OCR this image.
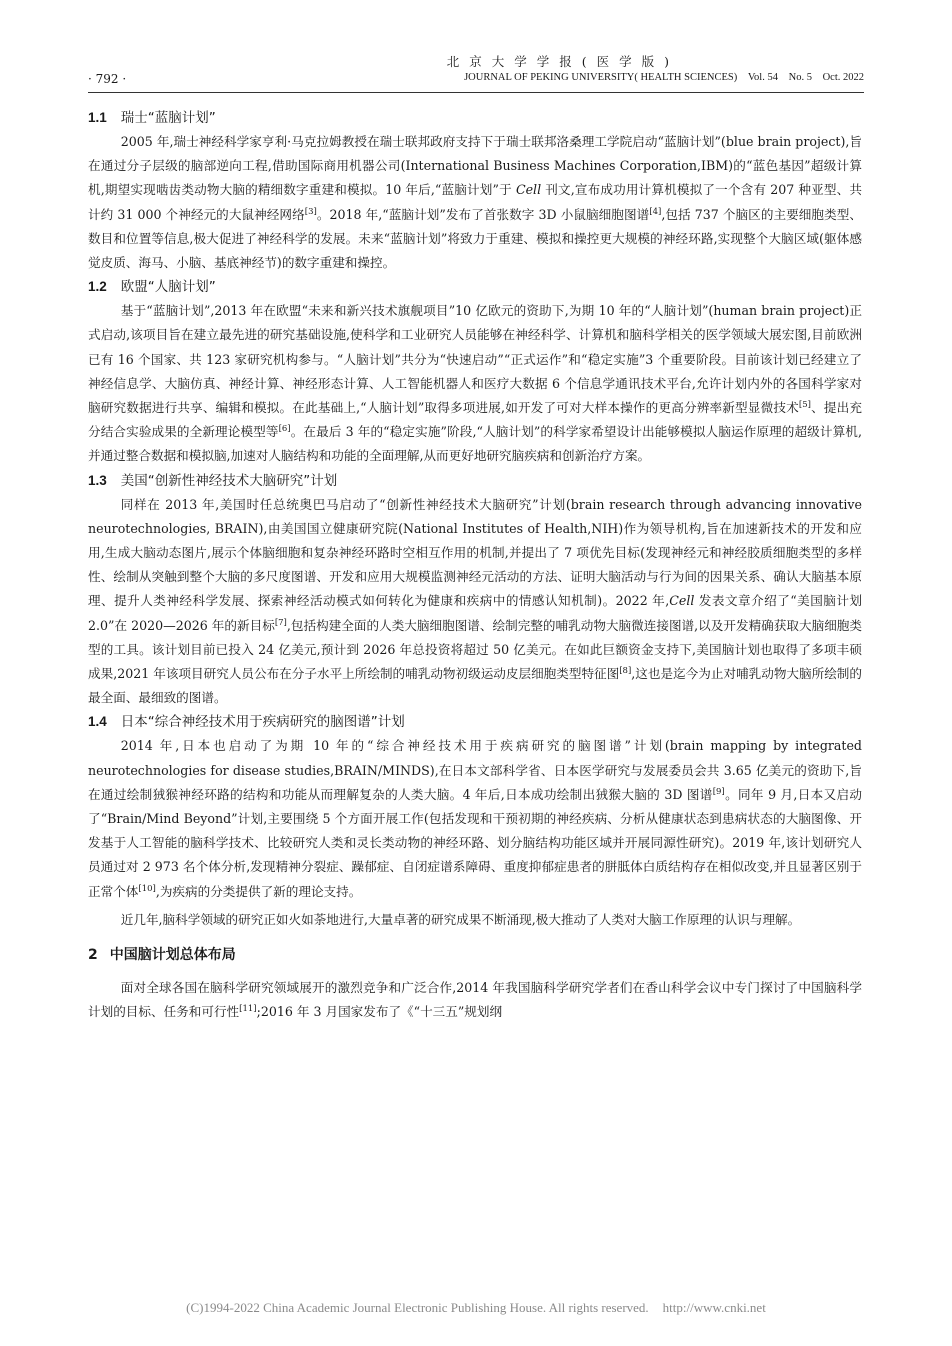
· 792 ·
北京大学学报(医学版)
JOURNAL OF PEKING UNIVERSITY( HEALTH SCIENCES) Vol. 54 No. 5 Oct. 2022
1.1 瑞士“蓝脑计划”

2005 年,瑞士神经科学家亨利·马克拉姆教授在瑞士联邦政府支持下于瑞士联邦洛桑理工学院启动“蓝脑计划”(blue brain project),旨在通过分子层级的脑部逆向工程,借助国际商用机器公司(International Business Machines Corporation,IBM)的“蓝色基因”超级计算机,期望实现啮齿类动物大脑的精细数字重建和模拟。10 年后,“蓝脑计划”于 Cell 刊文,宣布成功用计算机模拟了一个含有 207 种亚型、共计约 31 000 个神经元的大鼠神经网络[3]。2018 年,“蓝脑计划”发布了首张数字 3D 小鼠脑细胞图谱[4],包括 737 个脑区的主要细胞类型、数目和位置等信息,极大促进了神经科学的发展。未来“蓝脑计划”将致力于重建、模拟和操控更大规模的神经环路,实现整个大脑区域(躯体感觉皮质、海马、小脑、基底神经节)的数字重建和操控。

1.2 欧盟“人脑计划”

基于“蓝脑计划”,2013 年在欧盟“未来和新兴技术旗舰项目”10 亿欧元的资助下,为期 10 年的“人脑计划”(human brain project)正式启动,该项目旨在建立最先进的研究基础设施,使科学和工业研究人员能够在神经科学、计算机和脑科学相关的医学领域大展宏图,目前欧洲已有 16 个国家、共 123 家研究机构参与。“人脑计划”共分为“快速启动”“正式运作”和“稳定实施”3 个重要阶段。目前该计划已经建立了神经信息学、大脑仿真、神经计算、神经形态计算、人工智能机器人和医疗大数据 6 个信息学通讯技术平台,允许计划内外的各国科学家对脑研究数据进行共享、编辑和模拟。在此基础上,“人脑计划”取得多项进展,如开发了可对大样本操作的更高分辨率新型显微技术[5]、提出充分结合实验成果的全新理论模型等[6]。在最后 3 年的“稳定实施”阶段,“人脑计划”的科学家希望设计出能够模拟人脑运作原理的超级计算机,并通过整合数据和模拟脑,加速对人脑结构和功能的全面理解,从而更好地研究脑疾病和创新治疗方案。

1.3 美国“创新性神经技术大脑研究”计划

同样在 2013 年,美国时任总统奥巴马启动了“创新性神经技术大脑研究”计划(brain research through advancing innovative neurotechnologies, BRAIN),由美国国立健康研究院(National Institutes of Health,NIH)作为领导机构,旨在加速新技术的开发和应用,生成大脑动态图片,展示个体脑细胞和复杂神经环路时空相互作用的机制,并提出了 7 项优先目标(发现神经元和神经胶质细胞类型的多样性、绘制从突触到整个大脑的多尺度图谱、开发和应用大规模监测神经元活动的方法、证明大脑活动与行为间的因果关系、确认大脑基本原理、提升人类神经科学发展、探索神经活动模式如何转化为健康和疾病中的情感认知机制)。2022 年,Cell 发表文章介绍了“美国脑计划 2.0”在 2020—2026 年的新目标[7],包括构建全面的人类大脑细胞图谱、绘制完整的哺乳动物大脑微连接图谱,以及开发精确获取大脑细胞类型的工具。该计划目前已投入 24 亿美元,预计到 2026 年总投资将超过 50 亿美元。在如此巨额资金支持下,美国脑计划也取得了多项丰硕成果,2021 年该项目研究人员公布在分子水平上所绘制的哺乳动物初级运动皮层细胞类型特征图[8],这也是迄今为止对哺乳动物大脑所绘制的最全面、最细致的图谱。

1.4 日本“综合神经技术用于疾病研究的脑图谱”计划

2014 年,日本也启动了为期 10 年的“综合神经技术用于疾病研究的脑图谱”计划(brain mapping by integrated neurotechnologies for disease studies,BRAIN/MINDS),在日本文部科学省、日本医学研究与发展委员会共 3.65 亿美元的资助下,旨在通过绘制狨猴神经环路的结构和功能从而理解复杂的人类大脑。4 年后,日本成功绘制出狨猴大脑的 3D 图谱[9]。同年 9 月,日本又启动了“Brain/Mind Beyond”计划,主要围绕 5 个方面开展工作(包括发现和干预初期的神经疾病、分析从健康状态到患病状态的大脑图像、开发基于人工智能的脑科学技术、比较研究人类和灵长类动物的神经环路、划分脑结构功能区域并开展同源性研究)。2019 年,该计划研究人员通过对 2 973 名个体分析,发现精神分裂症、躁郁症、自闭症谱系障碍、重度抑郁症患者的胼胝体白质结构存在相似改变,并且显著区别于正常个体[10],为疾病的分类提供了新的理论支持。

近几年,脑科学领域的研究正如火如荼地进行,大量卓著的研究成果不断涌现,极大推动了人类对大脑工作原理的认识与理解。

2 中国脑计划总体布局

面对全球各国在脑科学研究领域展开的激烈竞争和广泛合作,2014 年我国脑科学研究学者们在香山科学会议中专门探讨了中国脑科学计划的目标、任务和可行性[11];2016 年 3 月国家发布了《“十三五”规划纲

(C)1994-2022 China Academic Journal Electronic Publishing House. All rights reserved. http://www.cnki.net
